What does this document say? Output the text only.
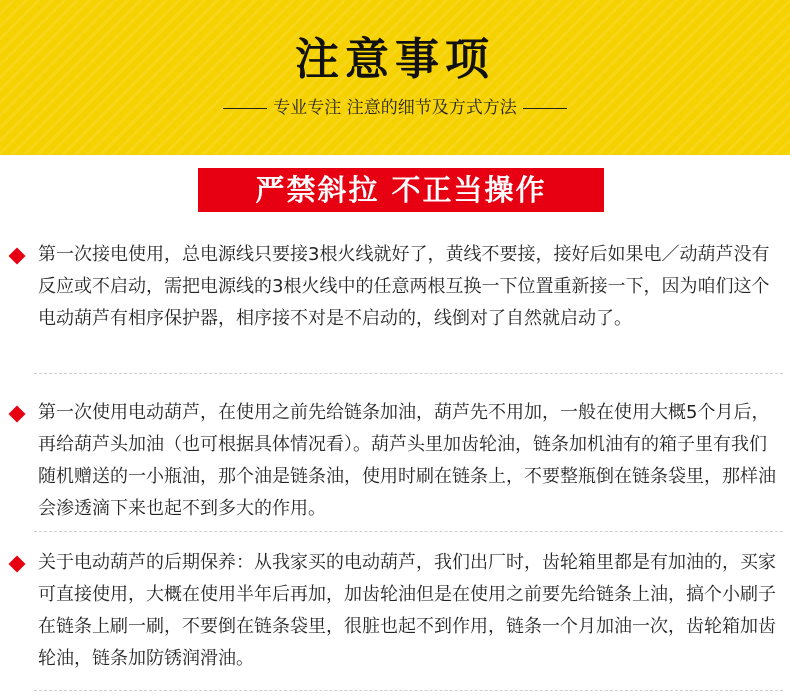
注意事项
专业专注 注意的细节及方式方法
严禁斜拉 不正当操作

第一次接电使用，总电源线只要接3根火线就好了，黄线不要接，接好后如果电／动葫芦没有反应或不启动，需把电源线的3根火线中的任意两根互换一下位置重新接一下，因为咱们这个电动葫芦有相序保护器，相序接不对是不启动的，线倒对了自然就启动了。

第一次使用电动葫芦，在使用之前先给链条加油，葫芦先不用加，一般在使用大概5个月后，再给葫芦头加油（也可根据具体情况看）。葫芦头里加齿轮油，链条加机油有的箱子里有我们随机赠送的一小瓶油，那个油是链条油，使用时刷在链条上，不要整瓶倒在链条袋里，那样油会渗透滴下来也起不到多大的作用。

关于电动葫芦的后期保养：从我家买的电动葫芦，我们出厂时，齿轮箱里都是有加油的，买家可直接使用，大概在使用半年后再加，加齿轮油但是在使用之前要先给链条上油，搞个小刷子在链条上刷一刷，不要倒在链条袋里，很脏也起不到作用，链条一个月加油一次，齿轮箱加齿轮油，链条加防锈润滑油。
